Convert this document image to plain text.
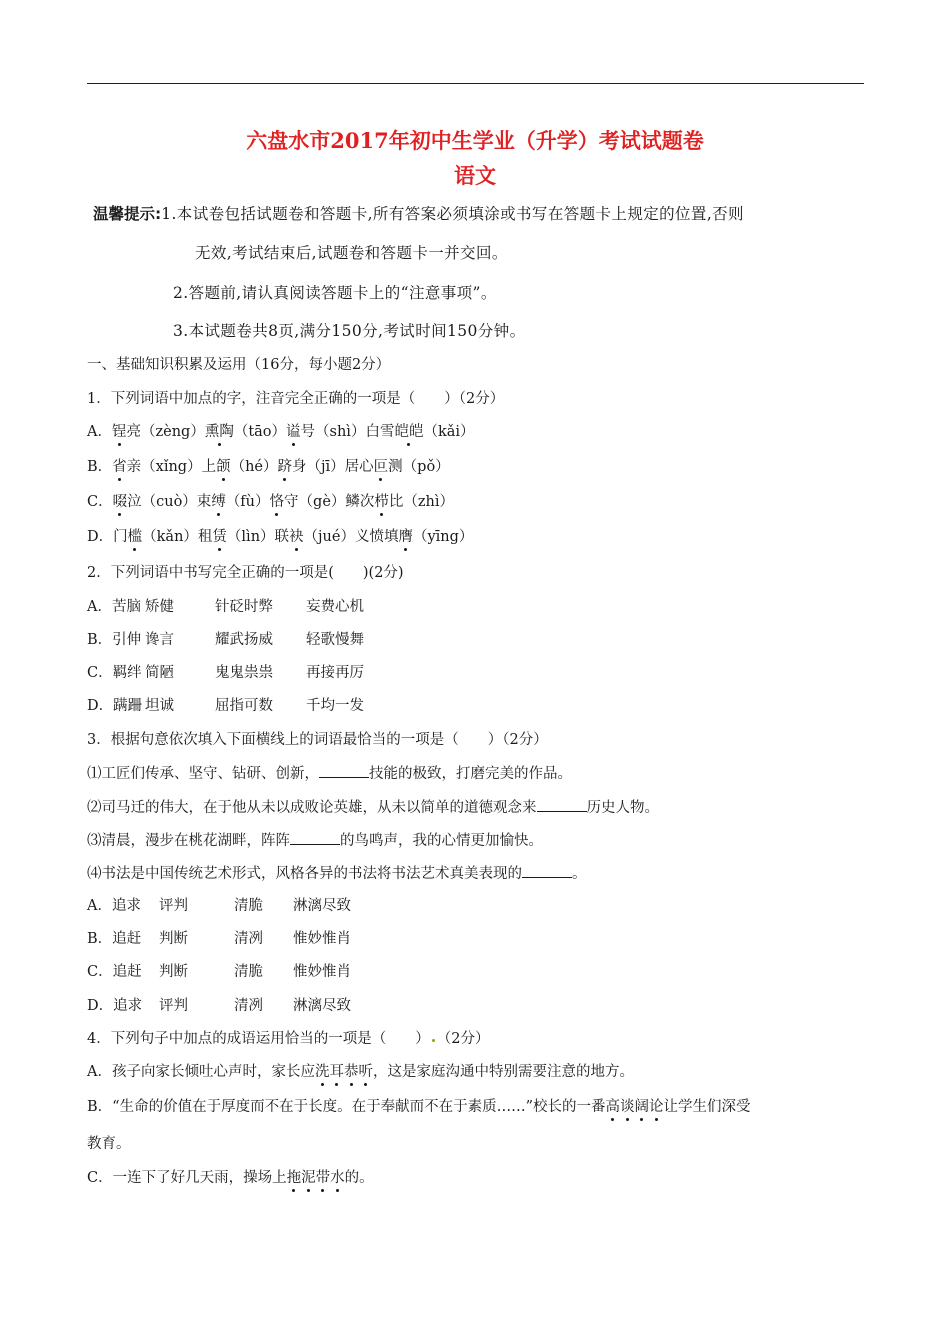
六盘水市2017年初中生学业（升学）考试试题卷
语文
温馨提示:1.本试卷包括试题卷和答题卡,所有答案必须填涂或书写在答题卡上规定的位置,否则
无效,考试结束后,试题卷和答题卡一并交回。
2.答题前,请认真阅读答题卡上的“注意事项”。
3.本试题卷共8页,满分150分,考试时间150分钟。
一、基础知识积累及运用（16分，每小题2分）
1．下列词语中加点的字，注音完全正确的一项是（　　）（2分）
A．锃亮（zèng）熏陶（tāo）谥号（shì）白雪皑皑（kǎi）
B．省亲（xǐng）上颌（hé）跻身（jī）居心叵测（pǒ）
C．啜泣（cuò）束缚（fù）恪守（gè）鳞次栉比（zhì）
D．门槛（kǎn）租赁（lìn）联袂（jué）义愤填膺（yīng）
2．下列词语中书写完全正确的一项是(　　)(2分)
A．苦脑 矫健	针砭时弊 妄费心机
B．引伸 谗言	耀武扬威 轻歌慢舞
C．羁绊 简陋	鬼鬼祟祟 再接再厉
D．蹒跚 坦诚	屈指可数 千均一发
3．根据句意依次填入下面横线上的词语最恰当的一项是（　　）（2分）
⑴工匠们传承、坚守、钻研、创新，	技能的极致，打磨完美的作品。
⑵司马迁的伟大，在于他从未以成败论英雄，从未以简单的道德观念来	历史人物。
⑶清晨，漫步在桃花湖畔，阵阵	的鸟鸣声，我的心情更加愉快。
⑷书法是中国传统艺术形式，风格各异的书法将书法艺术真美表现的	。
A．追求 评判	清脆 淋漓尽致
B．追赶 判断	清冽 惟妙惟肖
C．追赶 判断	清脆 惟妙惟肖
D．追求 评判	清冽 淋漓尽致
4．下列句子中加点的成语运用恰当的一项是（　　） （2分）
A．孩子向家长倾吐心声时，家长应洗耳恭听，这是家庭沟通中特别需要注意的地方。
B．“生命的价值在于厚度而不在于长度。在于奉献而不在于素质……”校长的一番高谈阔论让学生们深受
教育。
C．一连下了好几天雨，操场上拖泥带水的。
